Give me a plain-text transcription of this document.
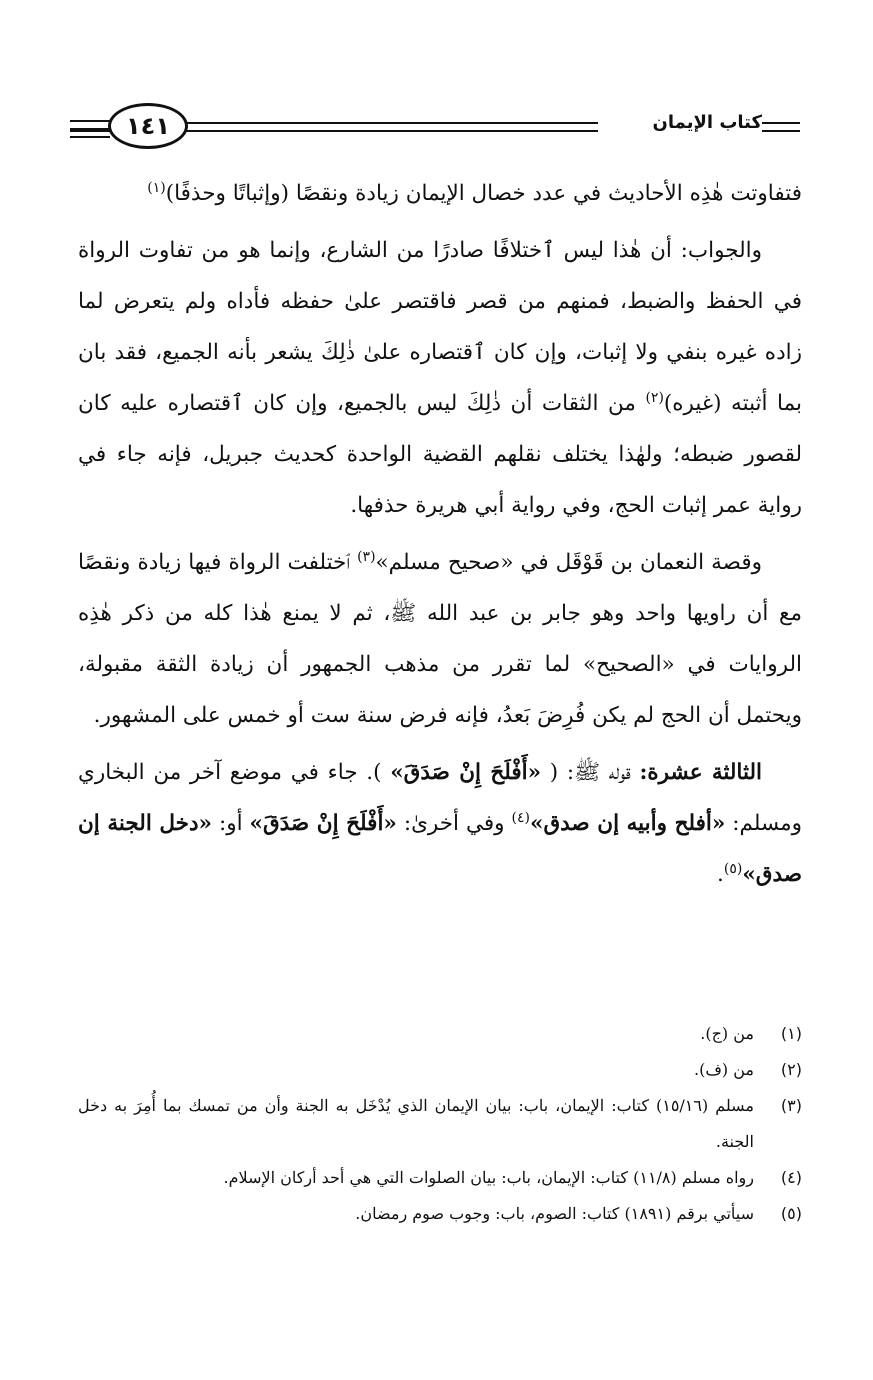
١٤١	كتاب الإيمان

فتفاوتت هٰذِه الأحاديث في عدد خصال الإيمان زيادة ونقصًا (وإثباتًا وحذفًا)$^{(١)}$

والجواب: أن هٰذا ليس ٱختلافًا صادرًا من الشارع، وإنما هو من تفاوت الرواة في الحفظ والضبط، فمنهم من قصر فاقتصر علىٰ حفظه فأداه ولم يتعرض لما زاده غيره بنفي ولا إثبات، وإن كان ٱقتصاره علىٰ ذٰلِكَ يشعر بأنه الجميع، فقد بان بما أثبته (غيره)$^{(٢)}$ من الثقات أن ذٰلِكَ ليس بالجميع، وإن كان ٱقتصاره عليه كان لقصور ضبطه؛ ولهٰذا يختلف نقلهم القضية الواحدة كحديث جبريل، فإنه جاء في رواية عمر إثبات الحج، وفي رواية أبي هريرة حذفها.

وقصة النعمان بن قَوْقَل في «صحيح مسلم»$^{(٣)}$ ٱختلفت الرواة فيها زيادة ونقصًا مع أن راويها واحد وهو جابر بن عبد الله ﷺ، ثم لا يمنع هٰذا كله من ذكر هٰذِه الروايات في «الصحيح» لما تقرر من مذهب الجمهور أن زيادة الثقة مقبولة، ويحتمل أن الحج لم يكن فُرِضَ بَعدُ، فإنه فرض سنة ست أو خمس على المشهور.

الثالثة عشرة: قوله ﷺ: ( «أَفْلَحَ إِنْ صَدَقَ» ). جاء في موضع آخر من البخاري ومسلم: «أفلح وأبيه إن صدق»$^{(٤)}$ وفي أخرىٰ: «أَفْلَحَ إِنْ صَدَقَ» أو: «دخل الجنة إن صدق»$^{(٥)}$.

(١)
من (ج).
(٢)
من (ف).
(٣)
مسلم (١٥/١٦) كتاب: الإيمان، باب: بيان الإيمان الذي يُدْخَل به الجنة وأن من تمسك بما أُمِرَ به دخل الجنة.
(٤)
رواه مسلم (١١/٨) كتاب: الإيمان، باب: بيان الصلوات التي هي أحد أركان الإسلام.
(٥)
سيأتي برقم (١٨٩١) كتاب: الصوم، باب: وجوب صوم رمضان.
